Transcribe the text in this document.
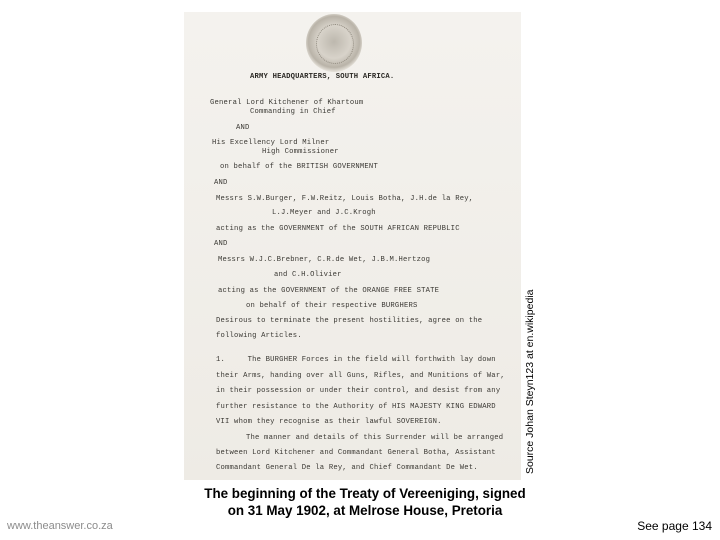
ARMY HEADQUARTERS, SOUTH AFRICA.
General Lord Kitchener of Khartoum
Commanding in Chief
AND
His Excellency Lord Milner
High Commissioner
on behalf of the BRITISH GOVERNMENT
AND
Messrs S.W.Burger, F.W.Reitz, Louis Botha, J.H.de la Rey,
L.J.Meyer and J.C.Krogh
acting as the GOVERNMENT of the SOUTH AFRICAN REPUBLIC
AND
Messrs W.J.C.Brebner, C.R.de Wet, J.B.M.Hertzog
and C.H.Olivier
acting as the GOVERNMENT of the ORANGE FREE STATE
on behalf of their respective BURGHERS
Desirous to terminate the present hostilities, agree on the
following Articles.
1.     The BURGHER Forces in the field will forthwith lay down
their Arms, handing over all Guns, Rifles, and Munitions of War,
in their possession or under their control, and desist from any
further resistance to the Authority of HIS MAJESTY KING EDWARD
VII whom they recognise as their lawful SOVEREIGN.
The manner and details of this Surrender will be arranged
between Lord Kitchener and Commandant General Botha, Assistant
Commandant General De la Rey, and Chief Commandant De Wet.	Source Johan Steyn123 at en.wikipedia
The beginning of the Treaty of Vereeniging, signed
on 31 May 1902, at Melrose House, Pretoria
www.theanswer.co.za	See page 134
